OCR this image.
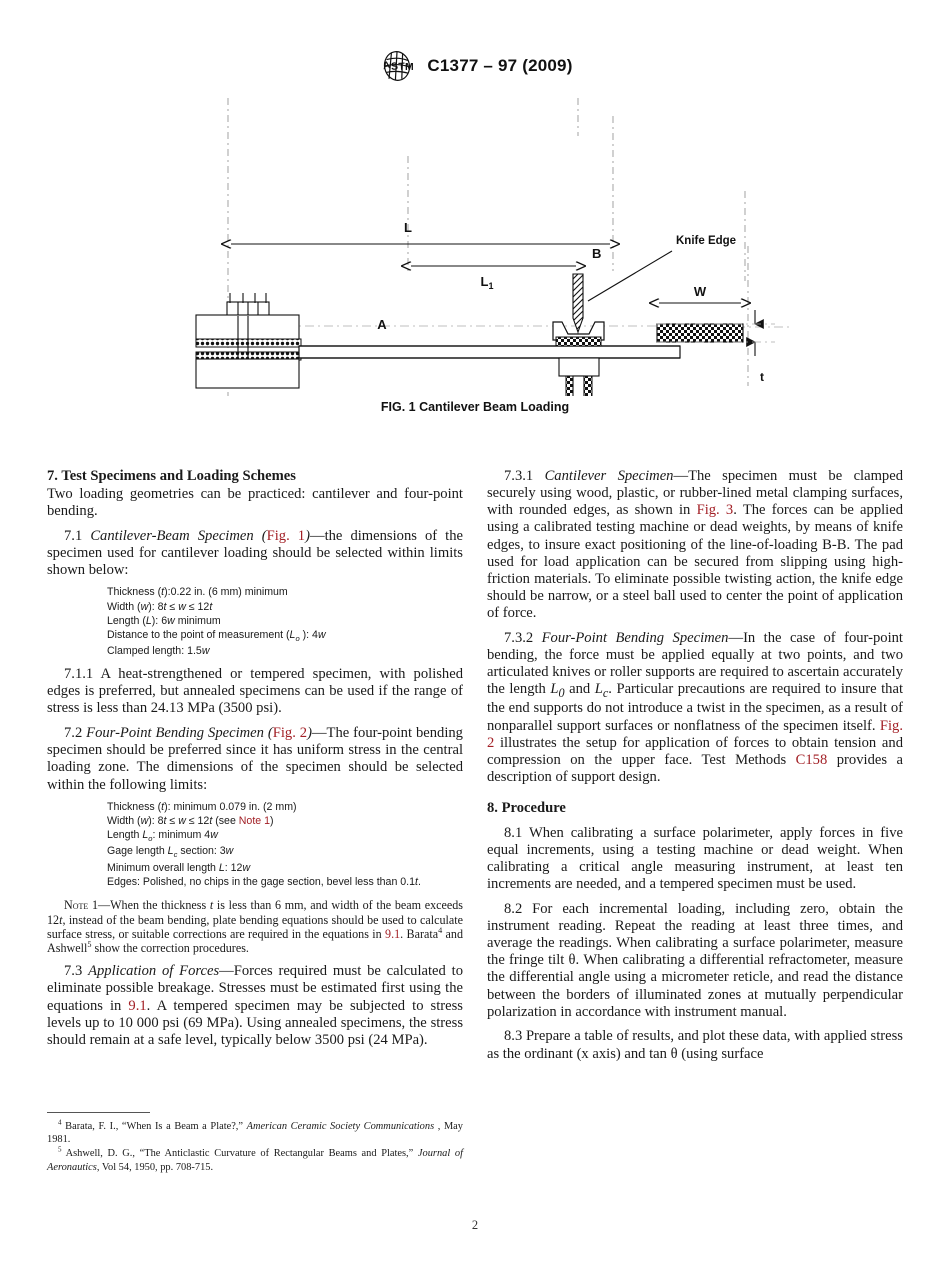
A S T M C1377 – 97 (2009)
L
$L_1$
A
B
Knife Edge
W
t
FIG. 1 Cantilever Beam Loading
7. Test Specimens and Loading Schemes

Two loading geometries can be practiced: cantilever and four-point bending.

7.1 Cantilever-Beam Specimen (Fig. 1)—the dimensions of the specimen used for cantilever loading should be selected within limits shown below:

Thickness (t):0.22 in. (6 mm) minimum
Width (w): 8t ≤ w ≤ 12t
Length (L): 6w minimum
Distance to the point of measurement ($L_o$ ): 4w
Clamped length: 1.5w

7.1.1 A heat-strengthened or tempered specimen, with polished edges is preferred, but annealed specimens can be used if the range of stress is less than 24.13 MPa (3500 psi).

7.2 Four-Point Bending Specimen (Fig. 2)—The four-point bending specimen should be preferred since it has uniform stress in the central loading zone. The dimensions of the specimen should be selected within the following limits:

Thickness (t): minimum 0.079 in. (2 mm)
Width (w): 8t ≤ w ≤ 12t (see Note 1)
Length $L_o$: minimum 4w
Gage length $L_c$ section: 3w
Minimum overall length L: 12w
Edges: Polished, no chips in the gage section, bevel less than 0.1t.

Note 1—When the thickness t is less than 6 mm, and width of the beam exceeds 12t, instead of the beam bending, plate bending equations should be used to calculate surface stress, or suitable corrections are required in the equations in 9.1. Barata$^4$ and Ashwell$^5$ show the correction procedures.

7.3 Application of Forces—Forces required must be calculated to eliminate possible breakage. Stresses must be estimated first using the equations in 9.1. A tempered specimen may be subjected to stress levels up to 10 000 psi (69 MPa). Using annealed specimens, the stress should remain at a safe level, typically below 3500 psi (24 MPa).

7.3.1 Cantilever Specimen—The specimen must be clamped securely using wood, plastic, or rubber-lined metal clamping surfaces, with rounded edges, as shown in Fig. 3. The forces can be applied using a calibrated testing machine or dead weights, by means of knife edges, to insure exact positioning of the line-of-loading B-B. The pad used for load application can be secured from slipping using high-friction materials. To eliminate possible twisting action, the knife edge should be narrow, or a steel ball used to center the point of application of force.

7.3.2 Four-Point Bending Specimen—In the case of four-point bending, the force must be applied equally at two points, and two articulated knives or roller supports are required to ascertain accurately the length $L_0$ and $L_c$. Particular precautions are required to insure that the end supports do not introduce a twist in the specimen, as a result of nonparallel support surfaces or nonflatness of the specimen itself. Fig. 2 illustrates the setup for application of forces to obtain tension and compression on the upper face. Test Methods C158 provides a description of support design.

8. Procedure

8.1 When calibrating a surface polarimeter, apply forces in five equal increments, using a testing machine or dead weight. When calibrating a critical angle measuring instrument, at least ten increments are needed, and a tempered specimen must be used.

8.2 For each incremental loading, including zero, obtain the instrument reading. Repeat the reading at least three times, and average the readings. When calibrating a surface polarimeter, measure the fringe tilt θ. When calibrating a differential refractometer, measure the differential angle using a micrometer reticle, and read the distance between the borders of illuminated zones at mutually perpendicular polarization in accordance with instrument manual.

8.3 Prepare a table of results, and plot these data, with applied stress as the ordinant (x axis) and tan θ (using surface

$^4$ Barata, F. I., “When Is a Beam a Plate?,” American Ceramic Society Communications , May 1981.

$^5$ Ashwell, D. G., “The Anticlastic Curvature of Rectangular Beams and Plates,” Journal of Aeronautics, Vol 54, 1950, pp. 708-715.

2
